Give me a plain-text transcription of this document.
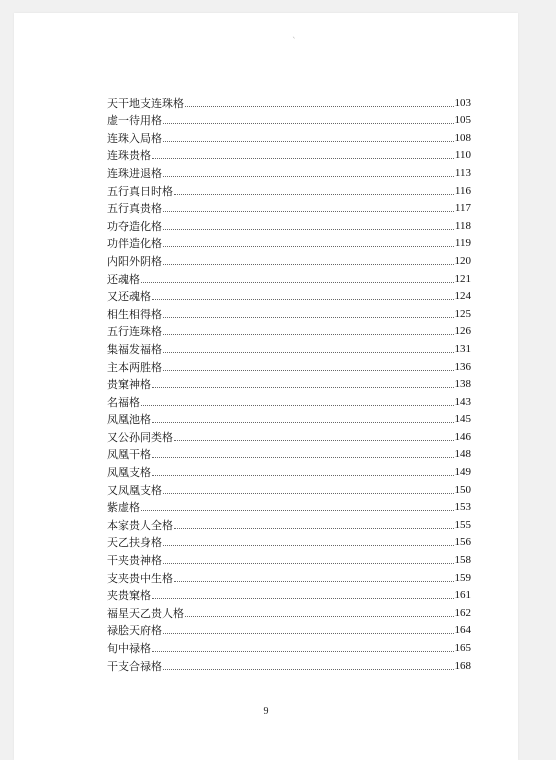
ˋ
天干地支连珠格	103
虚一待用格	105
连珠入局格	108
连珠贵格	110
连珠进退格	113
五行真日时格	116
五行真贵格	117
功夺造化格	118
功伴造化格	119
内阳外阴格	120
还魂格	121
又还魂格	124
相生相得格	125
五行连珠格	126
集福发福格	131
主本两胜格	136
贵窠神格	138
名福格	143
凤凰池格	145
又公孙同类格	146
凤凰干格	148
凤凰支格	149
又凤凰支格	150
紫虚格	153
本家贵人全格	155
天乙扶身格	156
干夹贵神格	158
支夹贵中生格	159
夹贵窠格	161
福星天乙贵人格	162
禄脍天府格	164
旬中禄格	165
干支合禄格	168
9
